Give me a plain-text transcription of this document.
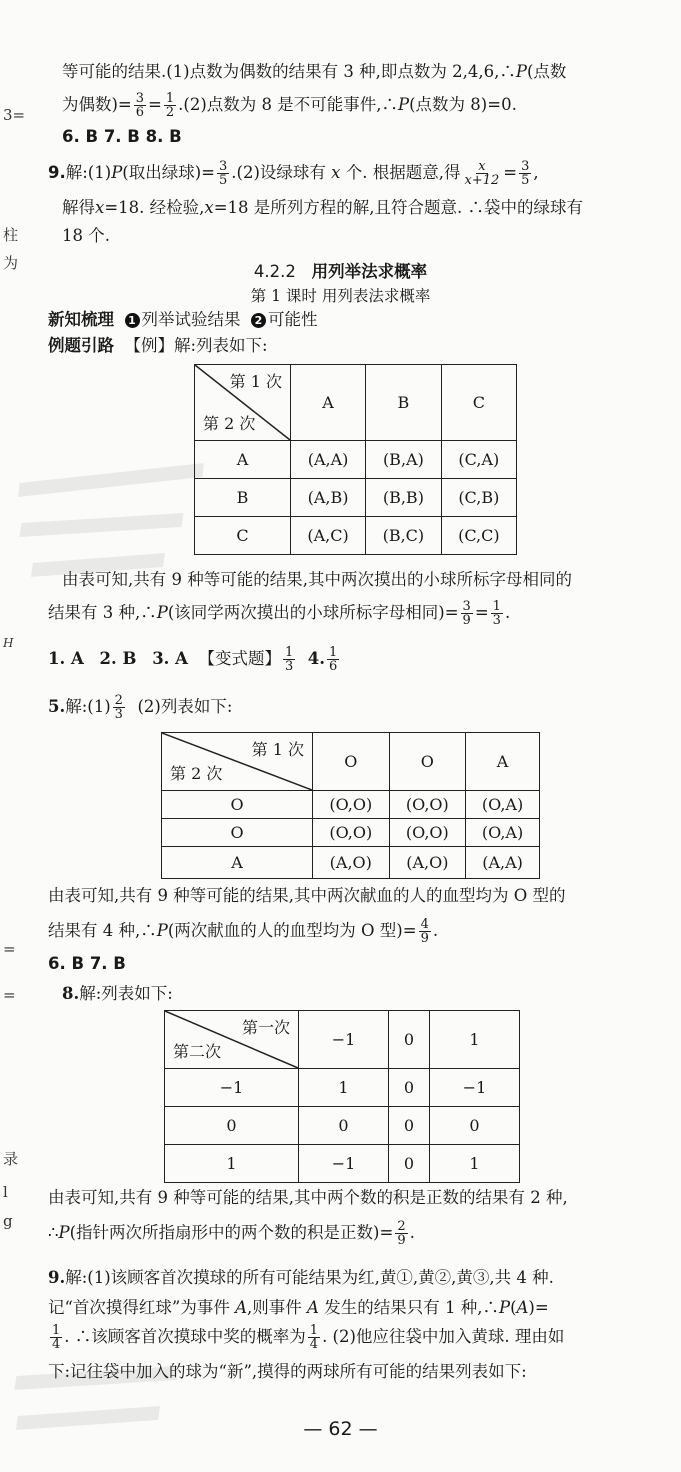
3=
柱
为
H
=
=
录
l
g
等可能的结果.(1)点数为偶数的结果有 3 种,即点数为 2,4,6,∴P(点数
为偶数)= $\frac{3}{6} = \frac{1}{2} .(2)$点数为 8 是不可能事件,∴P(点数为 8)=0.
6. B 7. B 8. B
9.解:(1)P(取出绿球)= $\frac{3}{5} .(2)$设绿球有 x 个. 根据题意,得 $\frac{x}{x+12} = \frac{3}{5}$ ,
解得x=18. 经检验,x=18 是所列方程的解,且符合题意. ∴袋中的绿球有
18 个.
4.2.2 用列举法求概率
第 1 课时 用列表法求概率
新知梳理 1 列举试验结果 2 可能性
例题引路 【例】解:列表如下:
第 1 次
第 2 次	A	B	C
A	(A,A)	(B,A)	(C,A)
B	(A,B)	(B,B)	(C,B)
C	(A,C)	(B,C)	(C,C)
由表可知,共有 9 种等可能的结果,其中两次摸出的小球所标字母相同的
结果有 3 种,∴P(该同学两次摸出的小球所标字母相同)= $\frac{3}{9} = \frac{1}{3}$ .
1. A 2. B 3. A 【变式题】 $\frac{1}{3} 4$. $\frac{1}{6}$
5.解:(1) $\frac{2}{3} (2)$列表如下:
第 1 次
第 2 次	O	O	A
O	(O,O)	(O,O)	(O,A)
O	(O,O)	(O,O)	(O,A)
A	(A,O)	(A,O)	(A,A)
由表可知,共有 9 种等可能的结果,其中两次献血的人的血型均为 O 型的
结果有 4 种,∴P(两次献血的人的血型均为 O 型)= $\frac{4}{9}$ .
6. B 7. B
8.解:列表如下:
第一次
第二次	−1	0	1
−1	1	0	−1
0	0	0	0
1	−1	0	1
由表可知,共有 9 种等可能的结果,其中两个数的积是正数的结果有 2 种,
∴P(指针两次所指扇形中的两个数的积是正数)= $\frac{2}{9}$ .
9.解:(1)该顾客首次摸球的所有可能结果为红,黄①,黄②,黄③,共 4 种.
记“首次摸得红球”为事件 A,则事件 A 发生的结果只有 1 种,∴P(A)=
$\frac{1}{4}$ . ∴该顾客首次摸球中奖的概率为 $\frac{1}{4}$ . (2)他应往袋中加入黄球. 理由如
下:记往袋中加入的球为“新”,摸得的两球所有可能的结果列表如下:
— 62 —
